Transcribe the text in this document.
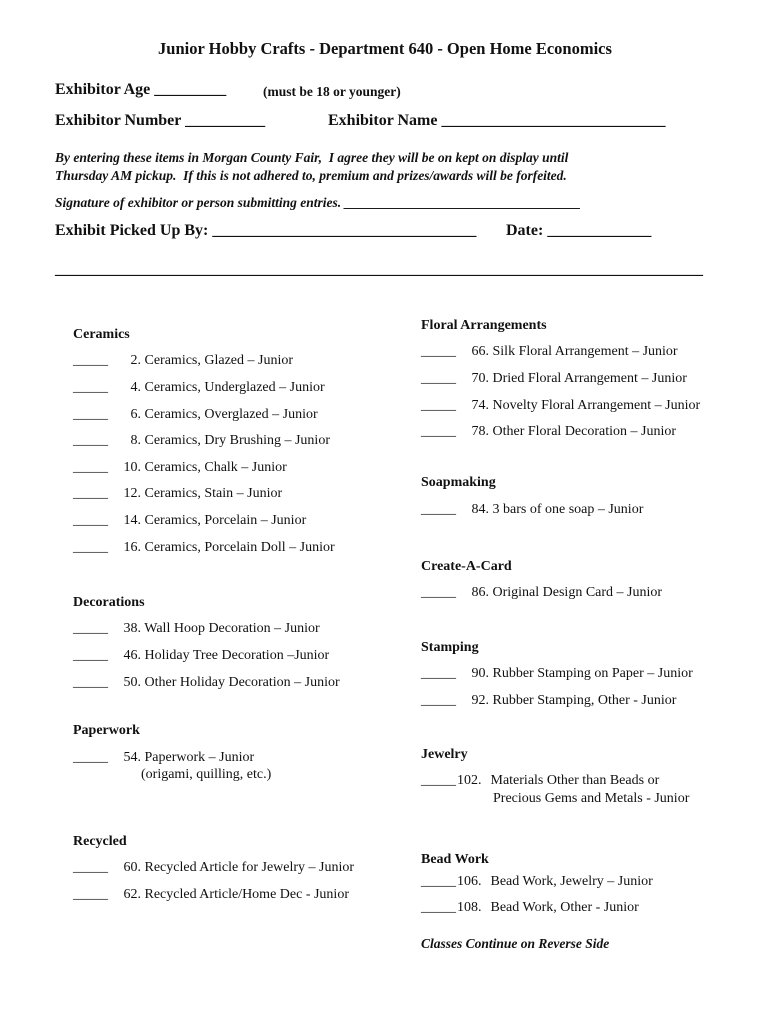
Junior Hobby Crafts - Department 640 - Open Home Economics
Exhibitor Age _________	(must be 18 or younger)
Exhibitor Number __________	Exhibitor Name ____________________________
By entering these items in Morgan County Fair,  I agree they will be on kept on display until
Thursday AM pickup.  If this is not adhered to, premium and prizes/awards will be forfeited.
Signature of exhibitor or person submitting entries. ___________________________________
Exhibit Picked Up By: _________________________________ Date: _____________
_________________________________________________________________________________
Ceramics
_____ 2. Ceramics, Glazed – Junior
_____ 4. Ceramics, Underglazed – Junior
_____ 6. Ceramics, Overglazed – Junior
_____ 8. Ceramics, Dry Brushing – Junior
_____ 10. Ceramics, Chalk – Junior
_____ 12. Ceramics, Stain – Junior
_____ 14. Ceramics, Porcelain – Junior
_____ 16. Ceramics, Porcelain Doll – Junior
Decorations
_____ 38. Wall Hoop Decoration – Junior
_____ 46. Holiday Tree Decoration –Junior
_____ 50. Other Holiday Decoration – Junior
Paperwork
_____ 54. Paperwork – Junior
(origami, quilling, etc.)
Recycled
_____ 60. Recycled Article for Jewelry – Junior
_____ 62. Recycled Article/Home Dec - Junior
Floral Arrangements
_____ 66. Silk Floral Arrangement – Junior
_____ 70. Dried Floral Arrangement – Junior
_____ 74. Novelty Floral Arrangement – Junior
_____ 78. Other Floral Decoration – Junior
Soapmaking
_____ 84. 3 bars of one soap – Junior
Create-A-Card
_____ 86. Original Design Card – Junior
Stamping
_____ 90. Rubber Stamping on Paper – Junior
_____ 92. Rubber Stamping, Other - Junior
Jewelry
_____102. Materials Other than Beads or
Precious Gems and Metals - Junior
Bead Work
_____106. Bead Work, Jewelry – Junior
_____108. Bead Work, Other - Junior
Classes Continue on Reverse Side
